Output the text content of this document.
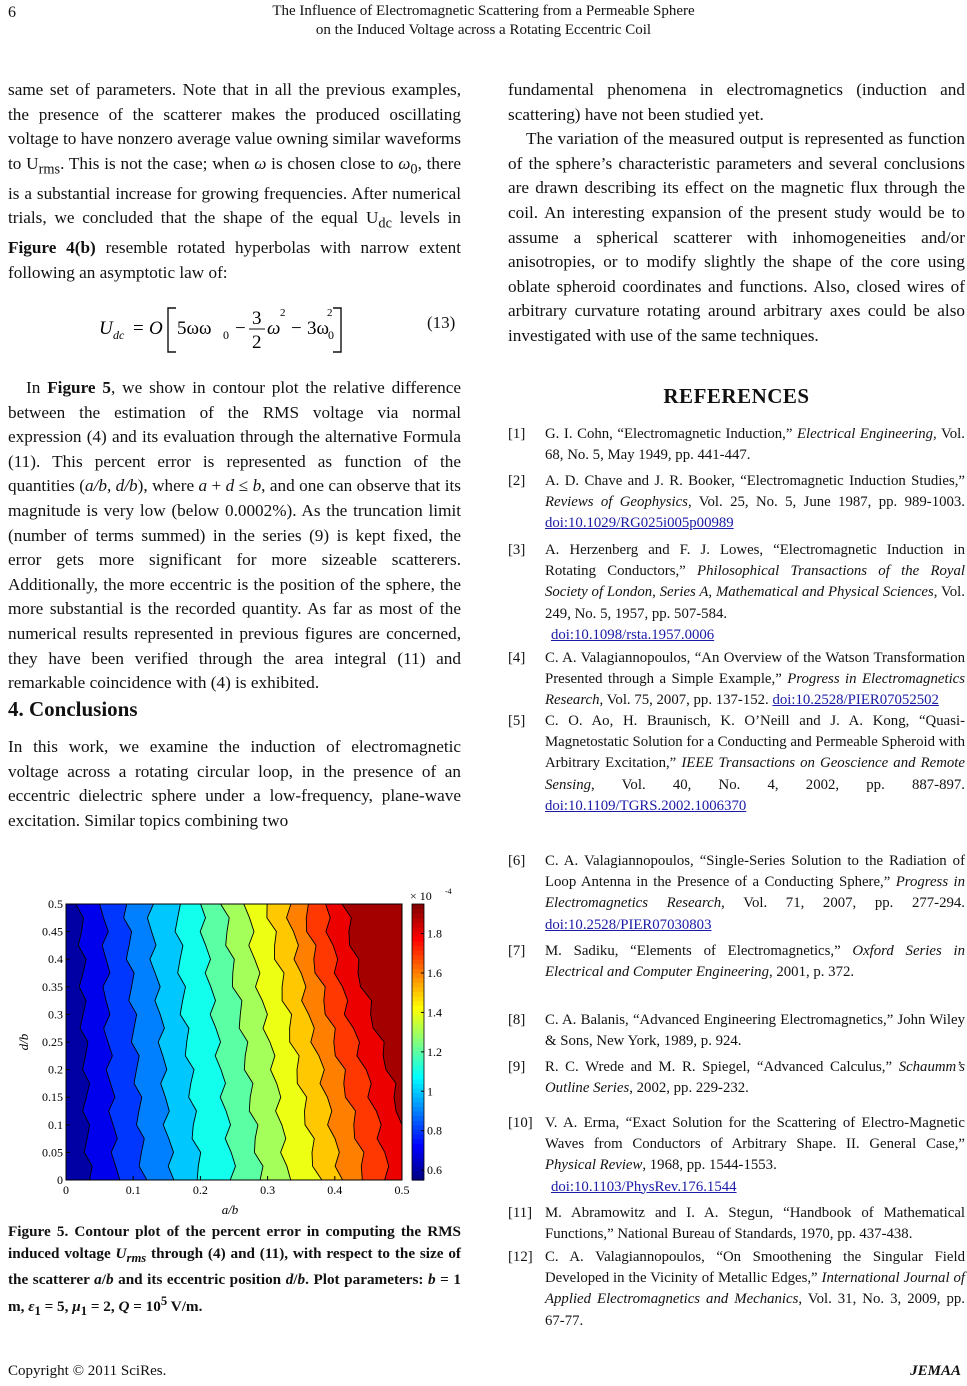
6	The Influence of Electromagnetic Scattering from a Permeable Sphere
on the Induced Voltage across a Rotating Eccentric Coil

same set of parameters. Note that in all the previous examples, the presence of the scatterer makes the produced oscillating voltage to have nonzero average value owning similar waveforms to $U_{rms}$. This is not the case; when ω is chosen close to $\omega_0$, there is a substantial increase for growing frequencies. After numerical trials, we concluded that the shape of the equal $U_{dc}$ levels in Figure 4(b) resemble rotated hyperbolas with narrow extent following an asymptotic law of:

U dc = O 5ωω 0 − 3
2
ω
2
− 3ω
2
0
(13)

In Figure 5, we show in contour plot the relative difference between the estimation of the RMS voltage via normal expression (4) and its evaluation through the alternative Formula (11). This percent error is represented as function of the quantities (a/b, d/b), where a + d ≤ b, and one can observe that its magnitude is very low (below 0.0002%). As the truncation limit (number of terms summed) in the series (9) is kept fixed, the error gets more significant for more sizeable scatterers. Additionally, the more eccentric is the position of the sphere, the more substantial is the recorded quantity. As far as most of the numerical results represented in previous figures are concerned, they have been verified through the area integral (11) and remarkable coincidence with (4) is exhibited.

4. Conclusions

In this work, we examine the induction of electromagnetic voltage across a rotating circular loop, in the presence of an eccentric dielectric sphere under a low-frequency, plane-wave excitation. Similar topics combining two

0	0.1	0.2	0.3	0.4	0.5
0
0.05
0.1
0.15
0.2
0.25
0.3
0.35
0.4
0.45
0.5
a/b
d/b
0.6
0.8
1
1.2
1.4
1.6
1.8
× 10 -4
Figure 5. Contour plot of the percent error in computing the RMS induced voltage $U_{rms}$ through (4) and (11), with respect to the size of the scatterer a/b and its eccentric position d/b. Plot parameters: b = 1 m, $\varepsilon_1 = 5$, $\mu_1 = 2$, $Q = 10^5$ V/m.

fundamental phenomena in electromagnetics (induction and scattering) have not been studied yet.

The variation of the measured output is represented as function of the sphere’s characteristic parameters and several conclusions are drawn describing its effect on the magnetic flux through the coil. An interesting expansion of the present study would be to assume a spherical scatterer with inhomogeneities and/or anisotropies, or to modify slightly the shape of the core using oblate spheroid coordinates and functions. Also, closed wires of arbitrary curvature rotating around arbitrary axes could be also investigated with use of the same techniques.

REFERENCES
[1] G. I. Cohn, “Electromagnetic Induction,” Electrical Engineering, Vol. 68, No. 5, May 1949, pp. 441-447.
[2] A. D. Chave and J. R. Booker, “Electromagnetic Induction Studies,” Reviews of Geophysics, Vol. 25, No. 5, June 1987, pp. 989-1003. doi:10.1029/RG025i005p00989
[3] A. Herzenberg and F. J. Lowes, “Electromagnetic Induction in Rotating Conductors,” Philosophical Transactions of the Royal Society of London, Series A, Mathematical and Physical Sciences, Vol. 249, No. 5, 1957, pp. 507-584.
doi:10.1098/rsta.1957.0006
[4] C. A. Valagiannopoulos, “An Overview of the Watson Transformation Presented through a Simple Example,” Progress in Electromagnetics Research, Vol. 75, 2007, pp. 137-152. doi:10.2528/PIER07052502
[5] C. O. Ao, H. Braunisch, K. O’Neill and J. A. Kong, “Quasi-Magnetostatic Solution for a Conducting and Permeable Spheroid with Arbitrary Excitation,” IEEE Transactions on Geoscience and Remote Sensing, Vol. 40, No. 4, 2002, pp. 887-897. doi:10.1109/TGRS.2002.1006370
[6] C. A. Valagiannopoulos, “Single-Series Solution to the Radiation of Loop Antenna in the Presence of a Conducting Sphere,” Progress in Electromagnetics Research, Vol. 71, 2007, pp. 277-294. doi:10.2528/PIER07030803
[7] M. Sadiku, “Elements of Electromagnetics,” Oxford Series in Electrical and Computer Engineering, 2001, p. 372.
[8] C. A. Balanis, “Advanced Engineering Electromagnetics,” John Wiley & Sons, New York, 1989, p. 924.
[9] R. C. Wrede and M. R. Spiegel, “Advanced Calculus,” Schaumm’s Outline Series, 2002, pp. 229-232.
[10] V. A. Erma, “Exact Solution for the Scattering of Electro-Magnetic Waves from Conductors of Arbitrary Shape. II. General Case,” Physical Review, 1968, pp. 1544-1553.
doi:10.1103/PhysRev.176.1544
[11] M. Abramowitz and I. A. Stegun, “Handbook of Mathematical Functions,” National Bureau of Standards, 1970, pp. 437-438.
[12] C. A. Valagiannopoulos, “On Smoothening the Singular Field Developed in the Vicinity of Metallic Edges,” International Journal of Applied Electromagnetics and Mechanics, Vol. 31, No. 3, 2009, pp. 67-77.
Copyright © 2011 SciRes.	JEMAA
